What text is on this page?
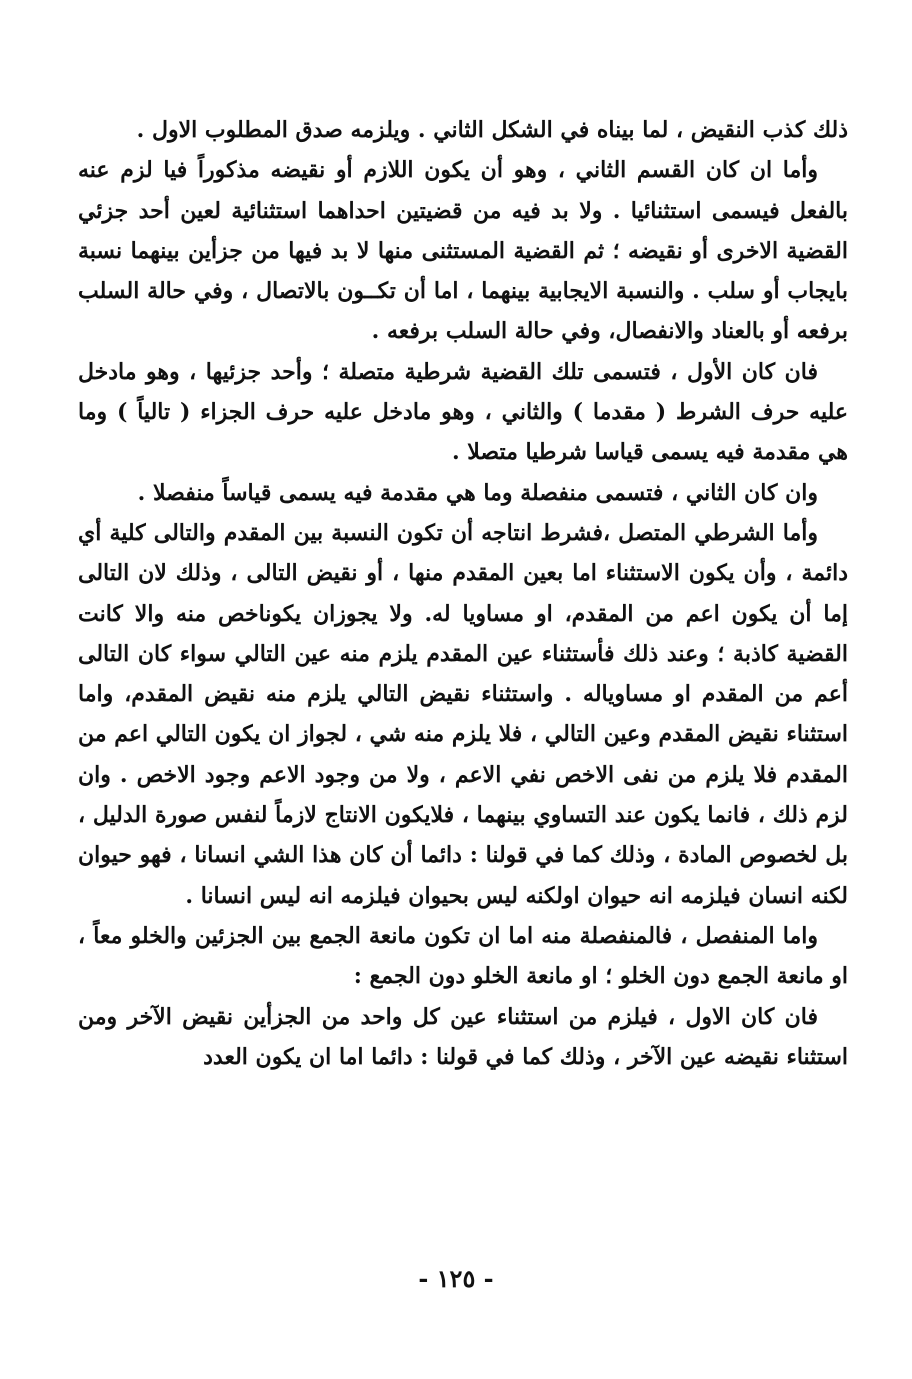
ذلك كذب النقيض ، لما بيناه في الشكل الثاني . ويلزمه صدق المطلوب الاول .

وأما ان كان القسم الثاني ، وهو أن يكون اللازم أو نقيضه مذكوراً فيا لزم عنه بالفعل فيسمى استثنائيا . ولا بد فيه من قضيتين احداهما استثنائية لعين أحد جزئي القضية الاخرى أو نقيضه ؛ ثم القضية المستثنى منها لا بد فيها من جزأين بينهما نسبة بايجاب أو سلب . والنسبة الايجابية بينهما ، اما أن تكــون بالاتصال ، وفي حالة السلب برفعه أو بالعناد والانفصال، وفي حالة السلب برفعه .

فان كان الأول ، فتسمى تلك القضية شرطية متصلة ؛ وأحد جزئيها ، وهو مادخل عليه حرف الشرط ( مقدما ) والثاني ، وهو مادخل عليه حرف الجزاء ( تالياً ) وما هي مقدمة فيه يسمى قياسا شرطيا متصلا .

وان كان الثاني ، فتسمى منفصلة وما هي مقدمة فيه يسمى قياساً منفصلا .

وأما الشرطي المتصل ،فشرط انتاجه أن تكون النسبة بين المقدم والتالى كلية أي دائمة ، وأن يكون الاستثناء اما بعين المقدم منها ، أو نقيض التالى ، وذلك لان التالى إما أن يكون اعم من المقدم، او مساويا له. ولا يجوزان يكوناخص منه والا كانت القضية كاذبة ؛ وعند ذلك فأستثناء عين المقدم يلزم منه عين التالي سواء كان التالى أعم من المقدم او مساوياله . واستثناء نقيض التالي يلزم منه نقيض المقدم، واما استثناء نقيض المقدم وعين التالي ، فلا يلزم منه شي ، لجواز ان يكون التالي اعم من المقدم فلا يلزم من نفى الاخص نفي الاعم ، ولا من وجود الاعم وجود الاخص . وان لزم ذلك ، فانما يكون عند التساوي بينهما ، فلايكون الانتاج لازماً لنفس صورة الدليل ، بل لخصوص المادة ، وذلك كما في قولنا : دائما أن كان هذا الشي انسانا ، فهو حيوان لكنه انسان فيلزمه انه حيوان اولكنه ليس بحيوان فيلزمه انه ليس انسانا .

واما المنفصل ، فالمنفصلة منه اما ان تكون مانعة الجمع بين الجزئين والخلو معاً ، او مانعة الجمع دون الخلو ؛ او مانعة الخلو دون الجمع :

فان كان الاول ، فيلزم من استثناء عين كل واحد من الجزأين نقيض الآخر ومن استثناء نقيضه عين الآخر ، وذلك كما في قولنا : دائما اما ان يكون العدد

- ١٢٥ -
